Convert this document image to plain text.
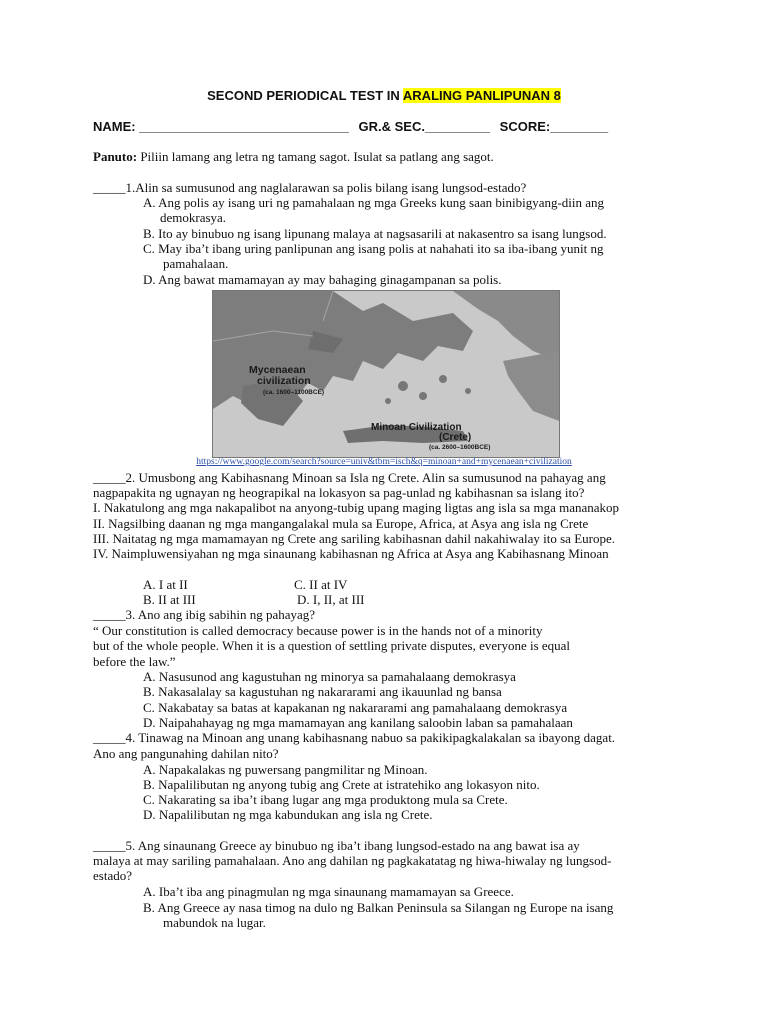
SECOND PERIODICAL TEST IN ARALING PANLIPUNAN 8
NAME: _____________________________ GR.& SEC._________ SCORE:________
Panuto: Piliin lamang ang letra ng tamang sagot. Isulat sa patlang ang sagot.
_____1.Alin sa sumusunod ang naglalarawan sa polis bilang isang lungsod-estado?
A. Ang polis ay isang uri ng pamahalaan ng mga Greeks kung saan binibigyang-diin ang
demokrasya.
B. Ito ay binubuo ng isang lipunang malaya at nagsasarili at nakasentro sa isang lungsod.
C. May iba’t ibang uring panlipunan ang isang polis at nahahati ito sa iba-ibang yunit ng
pamahalaan.
D. Ang bawat mamamayan ay may bahaging ginagampanan sa polis.
Mycenaean
civilization
(ca. 1600–1100BCE)
Minoan Civilization
(Crete)
(ca. 2600–1600BCE)
https://www.google.com/search?source=univ&tbm=isch&q=minoan+and+mycenaean+civilization
_____2. Umusbong ang Kabihasnang Minoan sa Isla ng Crete. Alin sa sumusunod na pahayag ang
nagpapakita ng ugnayan ng heograpikal na lokasyon sa pag-unlad ng kabihasnan sa islang ito?
I. Nakatulong ang mga nakapalibot na anyong-tubig upang maging ligtas ang isla sa mga mananakop
II. Nagsilbing daanan ng mga mangangalakal mula sa Europe, Africa, at Asya ang isla ng Crete
III. Naitatag ng mga mamamayan ng Crete ang sariling kabihasnan dahil nakahiwalay ito sa Europe.
IV. Naimpluwensiyahan ng mga sinaunang kabihasnan ng Africa at Asya ang Kabihasnang Minoan
A. I at II	C. II at IV
B. II at III	D. I, II, at III
_____3. Ano ang ibig sabihin ng pahayag?
“ Our constitution is called democracy because power is in the hands not of a minority
but of the whole people. When it is a question of settling private disputes, everyone is equal
before the law.”
A. Nasusunod ang kagustuhan ng minorya sa pamahalaang demokrasya
B. Nakasalalay sa kagustuhan ng nakararami ang ikauunlad ng bansa
C. Nakabatay sa batas at kapakanan ng nakararami ang pamahalaang demokrasya
D. Naipahahayag ng mga mamamayan ang kanilang saloobin laban sa pamahalaan
_____4. Tinawag na Minoan ang unang kabihasnang nabuo sa pakikipagkalakalan sa ibayong dagat.
Ano ang pangunahing dahilan nito?
A. Napakalakas ng puwersang pangmilitar ng Minoan.
B. Napalilibutan ng anyong tubig ang Crete at istratehiko ang lokasyon nito.
C. Nakarating sa iba’t ibang lugar ang mga produktong mula sa Crete.
D. Napalilibutan ng mga kabundukan ang isla ng Crete.
_____5. Ang sinaunang Greece ay binubuo ng iba’t ibang lungsod-estado na ang bawat isa ay
malaya at may sariling pamahalaan. Ano ang dahilan ng pagkakatatag ng hiwa-hiwalay ng lungsod-
estado?
A. Iba’t iba ang pinagmulan ng mga sinaunang mamamayan sa Greece.
B. Ang Greece ay nasa timog na dulo ng Balkan Peninsula sa Silangan ng Europe na isang
mabundok na lugar.
